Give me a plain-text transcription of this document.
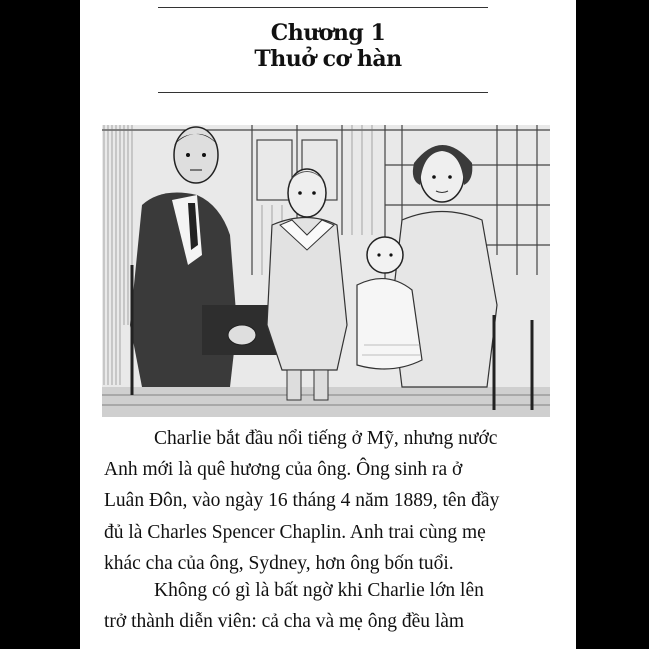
Chương 1
Thuở cơ hàn
Charlie bắt đầu nổi tiếng ở Mỹ, nhưng nước
Anh mới là quê hương của ông. Ông sinh ra ở
Luân Đôn, vào ngày 16 tháng 4 năm 1889, tên đầy
đủ là Charles Spencer Chaplin. Anh trai cùng mẹ
khác cha của ông, Sydney, hơn ông bốn tuổi.
Không có gì là bất ngờ khi Charlie lớn lên
trở thành diễn viên: cả cha và mẹ ông đều làm
